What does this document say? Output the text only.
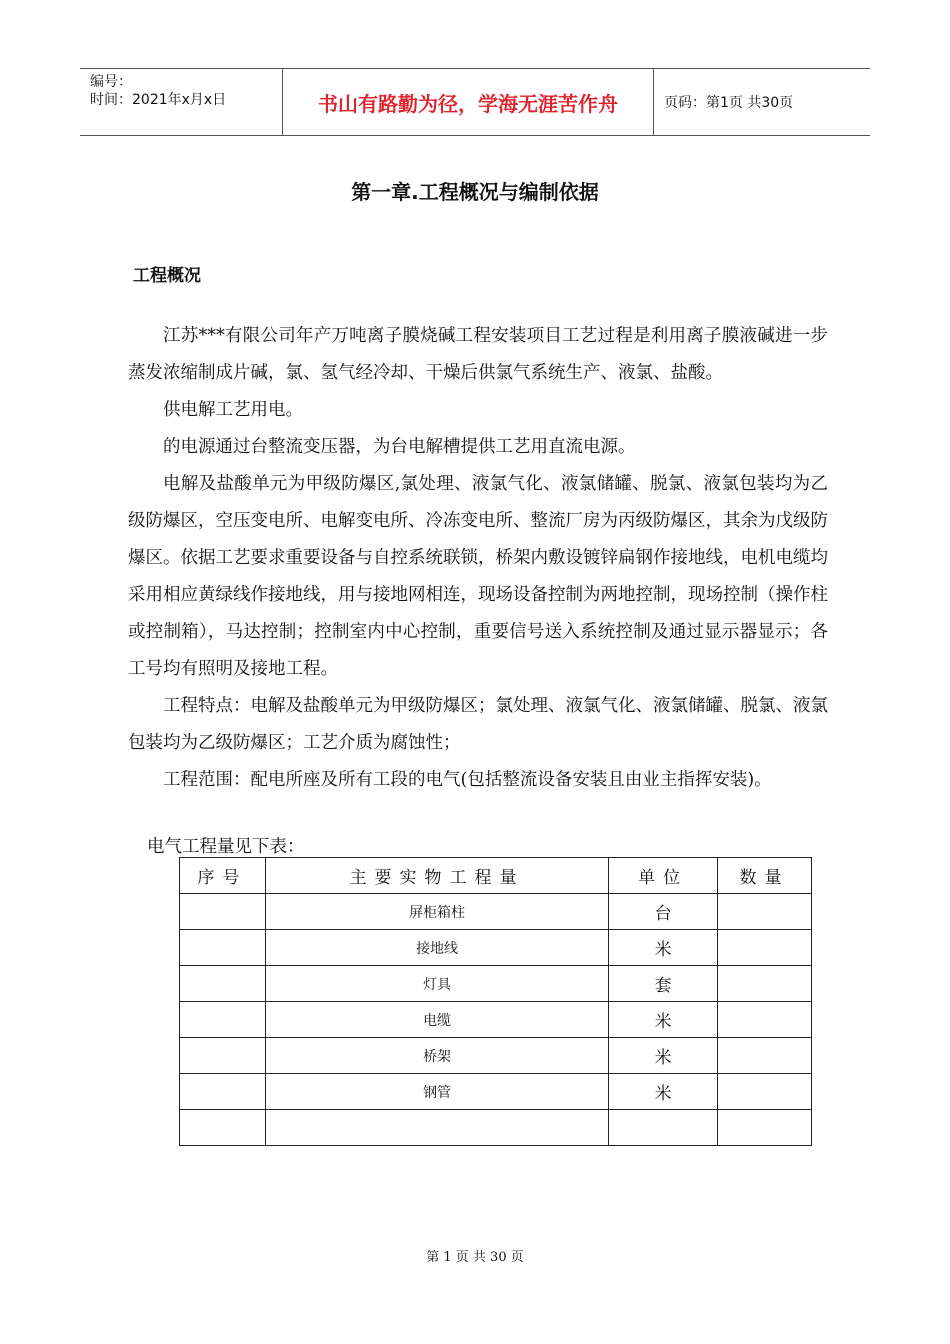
编号：
时间：2021年x月x日	书山有路勤为径，学海无涯苦作舟	页码：第1页 共30页
第一章.工程概况与编制依据
工程概况

江苏***有限公司年产万吨离子膜烧碱工程安装项目工艺过程是利用离子膜液碱进一步蒸发浓缩制成片碱，氯、氢气经冷却、干燥后供氯气系统生产、液氯、盐酸。

供电解工艺用电。

的电源通过台整流变压器，为台电解槽提供工艺用直流电源。

电解及盐酸单元为甲级防爆区,氯处理、液氯气化、液氯储罐、脱氯、液氯包装均为乙级防爆区，空压变电所、电解变电所、冷冻变电所、整流厂房为丙级防爆区，其余为戊级防爆区。依据工艺要求重要设备与自控系统联锁，桥架内敷设镀锌扁钢作接地线，电机电缆均采用相应黄绿线作接地线，用与接地网相连，现场设备控制为两地控制，现场控制（操作柱或控制箱），马达控制；控制室内中心控制，重要信号送入系统控制及通过显示器显示；各工号均有照明及接地工程。

工程特点：电解及盐酸单元为甲级防爆区；氯处理、液氯气化、液氯储罐、脱氯、液氯包装均为乙级防爆区；工艺介质为腐蚀性；

工程范围：配电所座及所有工段的电气(包括整流设备安装且由业主指挥安装)。

电气工程量见下表：
序号	主要实物工程量	单位	数量
	屏柜箱柱	台	
	接地线	米	
	灯具	套	
	电缆	米	
	桥架	米	
	钢管	米	

第 1 页 共 30 页
